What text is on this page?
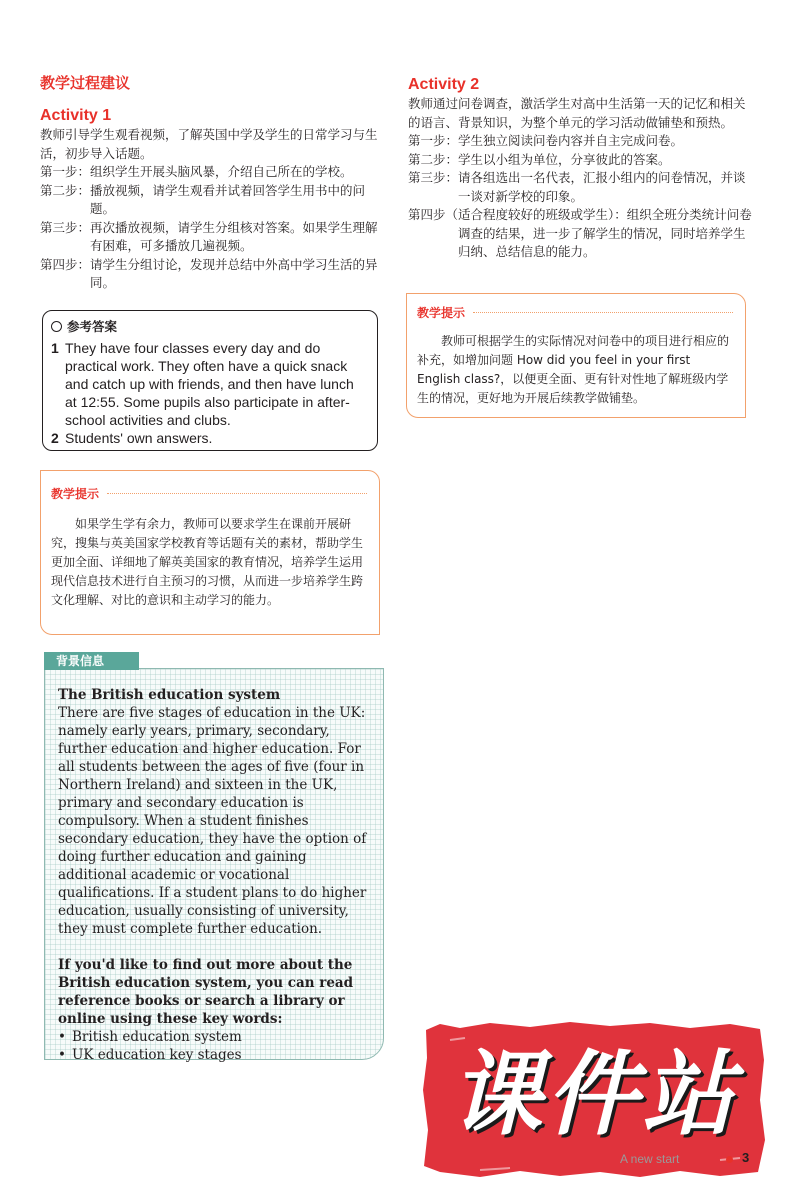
教学过程建议
Activity 1

教师引导学生观看视频，了解英国中学及学生的日常学习与生活，初步导入话题。

第一步： 组织学生开展头脑风暴，介绍自己所在的学校。
第二步： 播放视频，请学生观看并试着回答学生用书中的问题。
第三步： 再次播放视频，请学生分组核对答案。如果学生理解有困难，可多播放几遍视频。
第四步： 请学生分组讨论，发现并总结中外高中学习生活的异同。
参考答案
1 They have four classes every day and do practical work. They often have a quick snack and catch up with friends, and then have lunch at 12:55. Some pupils also participate in after-school activities and clubs.
2 Students' own answers.
教学提示

如果学生学有余力，教师可以要求学生在课前开展研究，搜集与英美国家学校教育等话题有关的素材，帮助学生更加全面、详细地了解英美国家的教育情况，培养学生运用现代信息技术进行自主预习的习惯，从而进一步培养学生跨文化理解、对比的意识和主动学习的能力。

背景信息

The British education system

There are five stages of education in the UK: namely early years, primary, secondary, further education and higher education. For all students between the ages of five (four in Northern Ireland) and sixteen in the UK, primary and secondary education is compulsory. When a student finishes secondary education, they have the option of doing further education and gaining additional academic or vocational qualifications. If a student plans to do higher education, usually consisting of university, they must complete further education.

If you'd like to find out more about the British education system, you can read reference books or search a library or online using these key words:

• British education system
• UK education key stages
Activity 2

教师通过问卷调查，激活学生对高中生活第一天的记忆和相关的语言、背景知识，为整个单元的学习活动做铺垫和预热。

第一步： 学生独立阅读问卷内容并自主完成问卷。
第二步： 学生以小组为单位，分享彼此的答案。
第三步： 请各组选出一名代表，汇报小组内的问卷情况，并谈一谈对新学校的印象。
第四步（ 适合程度较好的班级或学生）：组织全班分类统计问卷调查的结果，进一步了解学生的情况，同时培养学生归纳、总结信息的能力。
教学提示

教师可根据学生的实际情况对问卷中的项目进行相应的补充，如增加问题 How did you feel in your first English class?，以便更全面、更有针对性地了解班级内学生的情况，更好地为开展后续教学做铺垫。

课件站
A new start	3
